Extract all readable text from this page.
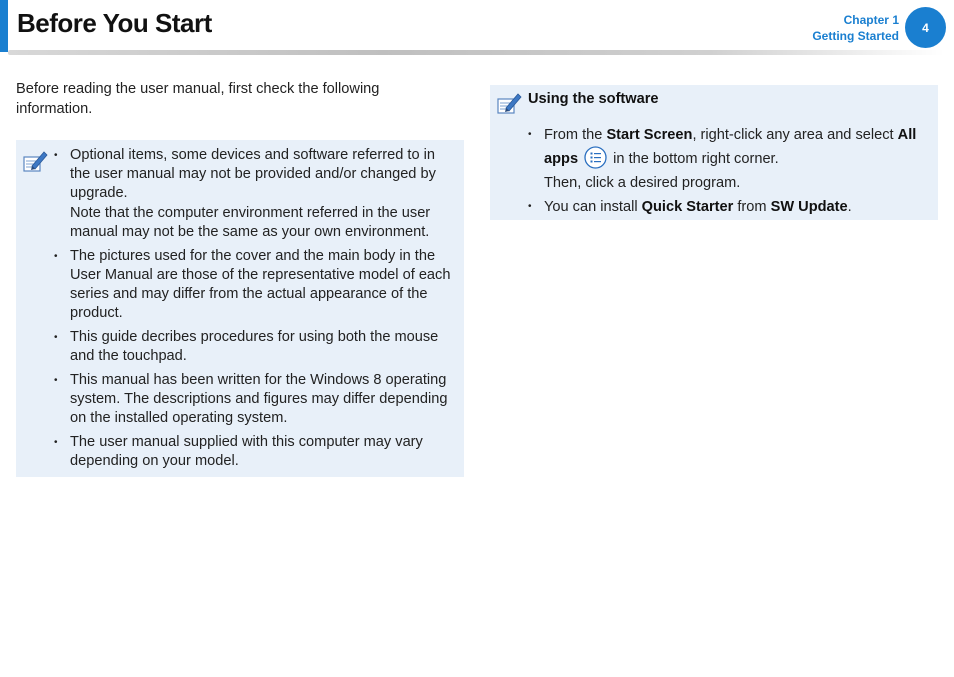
Before You Start	Chapter 1
Getting Started
4
Before reading the user manual, first check the following information.
• Optional items, some devices and software referred to in the user manual may not be provided and/or changed by upgrade.
Note that the computer environment referred in the user manual may not be the same as your own environment.
• The pictures used for the cover and the main body in the User Manual are those of the representative model of each series and may differ from the actual appearance of the product.
• This guide decribes procedures for using both the mouse and the touchpad.
• This manual has been written for the Windows 8 operating system. The descriptions and figures may differ depending on the installed operating system.
• The user manual supplied with this computer may vary depending on your model.
Using the software
• From the Start Screen, right-click any area and select All apps  in the bottom right corner.
Then, click a desired program.
• You can install Quick Starter from SW Update.
